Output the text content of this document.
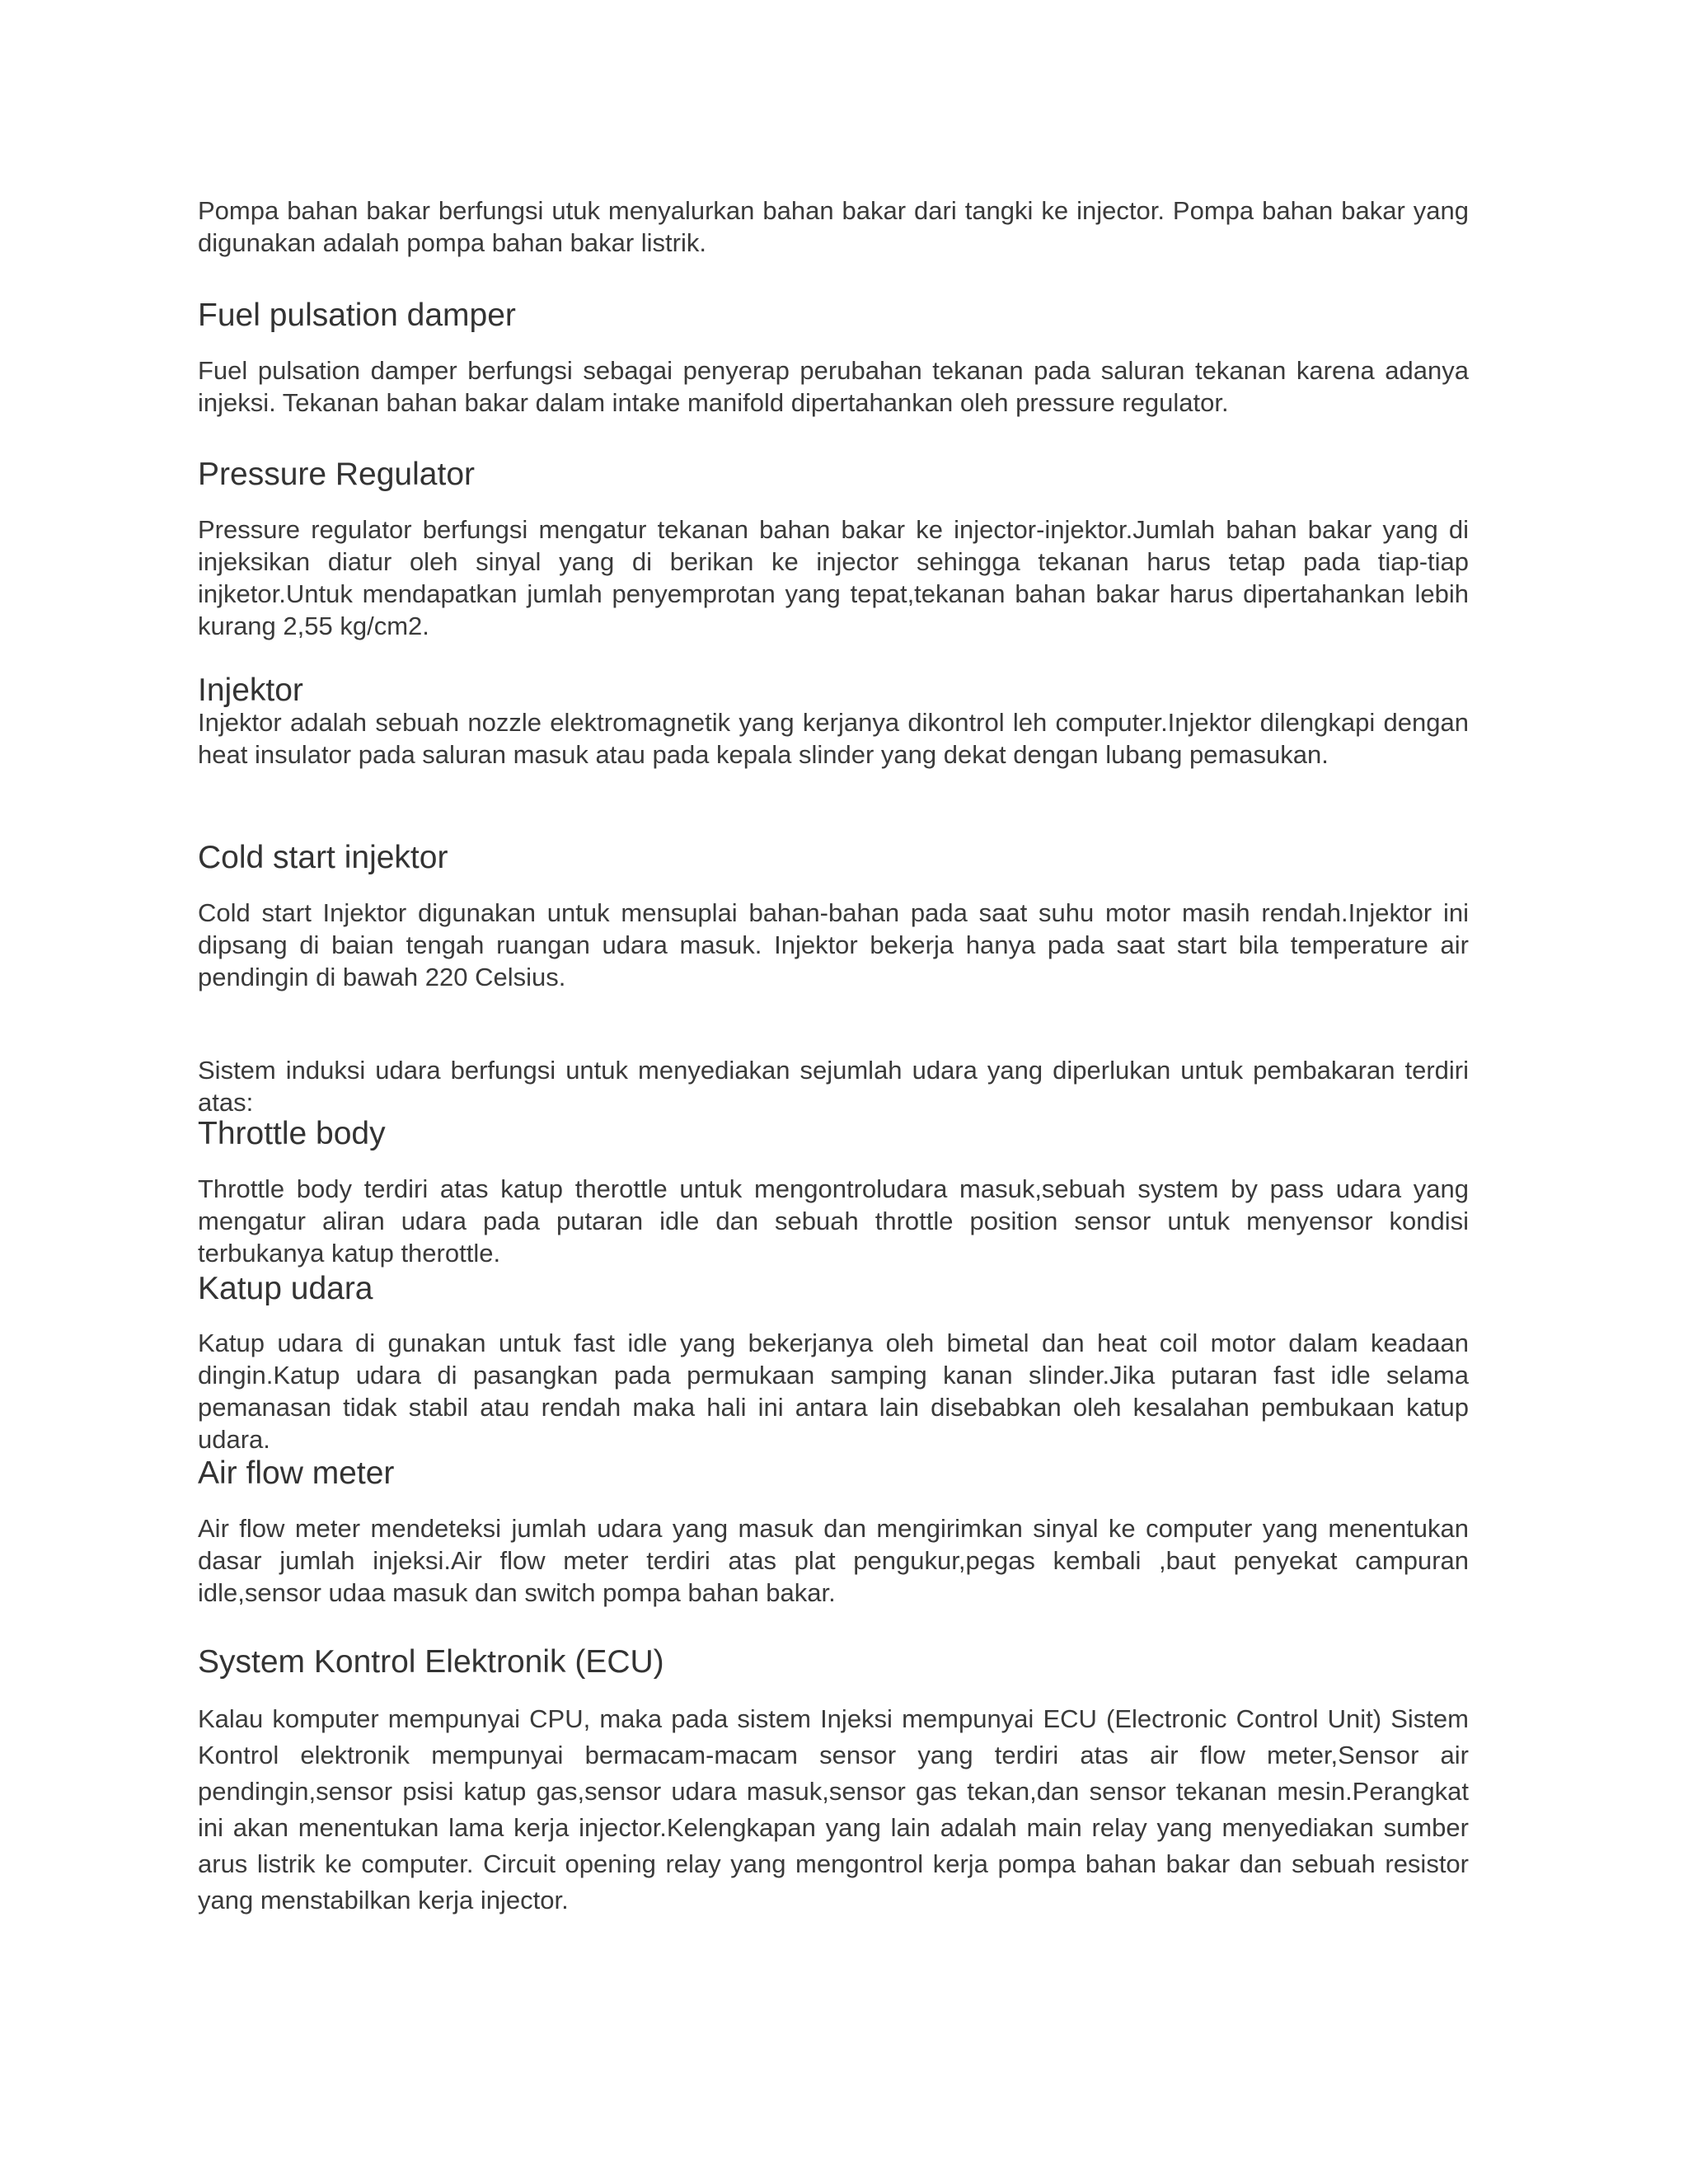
Pompa bahan bakar berfungsi utuk menyalurkan bahan bakar dari tangki ke injector. Pompa bahan bakar yang digunakan adalah pompa bahan bakar listrik.

Fuel pulsation damper

Fuel pulsation damper berfungsi sebagai penyerap perubahan tekanan pada saluran tekanan karena adanya injeksi. Tekanan bahan bakar dalam intake manifold dipertahankan oleh pressure regulator.

Pressure Regulator

Pressure regulator berfungsi mengatur tekanan bahan bakar ke injector-injektor.Jumlah bahan bakar yang di injeksikan diatur oleh sinyal yang di berikan ke injector sehingga tekanan harus tetap pada tiap-tiap injketor.Untuk mendapatkan jumlah penyemprotan yang tepat,tekanan bahan bakar harus dipertahankan lebih kurang 2,55 kg/cm2.

Injektor

Injektor adalah sebuah nozzle elektromagnetik yang kerjanya dikontrol leh computer.Injektor dilengkapi dengan heat insulator pada saluran masuk atau pada kepala slinder yang dekat dengan lubang pemasukan.

Cold start injektor

Cold start Injektor digunakan untuk mensuplai bahan-bahan pada saat suhu motor masih rendah.Injektor ini dipsang di baian tengah ruangan udara masuk. Injektor bekerja hanya pada saat start bila temperature air pendingin di bawah 220 Celsius.

Sistem induksi udara berfungsi untuk menyediakan sejumlah udara yang diperlukan untuk pembakaran terdiri atas:

Throttle body

Throttle body terdiri atas katup therottle untuk mengontroludara masuk,sebuah system by pass udara yang mengatur aliran udara pada putaran idle dan sebuah throttle position sensor untuk menyensor kondisi terbukanya katup therottle.

Katup udara

Katup udara di gunakan untuk fast idle yang bekerjanya oleh bimetal dan heat coil motor dalam keadaan dingin.Katup udara di pasangkan pada permukaan samping kanan slinder.Jika putaran fast idle selama pemanasan tidak stabil atau rendah maka hali ini antara lain disebabkan oleh kesalahan pembukaan katup udara.

Air flow meter

Air flow meter mendeteksi jumlah udara yang masuk dan mengirimkan sinyal ke computer yang menentukan dasar jumlah injeksi.Air flow meter terdiri atas plat pengukur,pegas kembali ,baut penyekat campuran idle,sensor udaa masuk dan switch pompa bahan bakar.

System Kontrol Elektronik (ECU)

Kalau komputer mempunyai CPU, maka pada sistem Injeksi mempunyai ECU (Electronic Control Unit) Sistem Kontrol elektronik mempunyai bermacam-macam sensor yang terdiri atas air flow meter,Sensor air pendingin,sensor psisi katup gas,sensor udara masuk,sensor gas tekan,dan sensor tekanan mesin.Perangkat ini akan menentukan lama kerja injector.Kelengkapan yang lain adalah main relay yang menyediakan sumber arus listrik ke computer. Circuit opening relay yang mengontrol kerja pompa bahan bakar dan sebuah resistor yang menstabilkan kerja injector.
